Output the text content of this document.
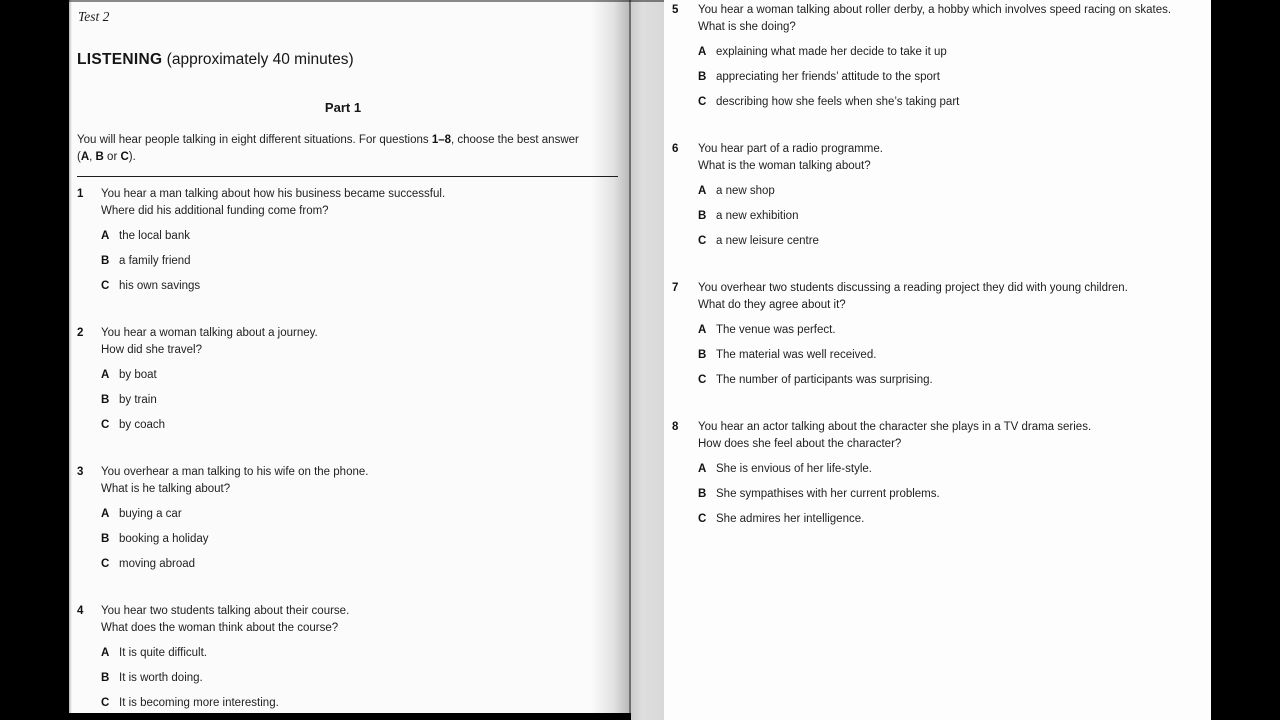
Test 2
LISTENING (approximately 40 minutes)
Part 1
You will hear people talking in eight different situations. For questions 1–8, choose the best answer
(A, B or C).
1	You hear a man talking about how his business became successful.
Where did his additional funding come from?
A the local bank
B a family friend
C his own savings
2	You hear a woman talking about a journey.
How did she travel?
A by boat
B by train
C by coach
3	You overhear a man talking to his wife on the phone.
What is he talking about?
A buying a car
B booking a holiday
C moving abroad
4	You hear two students talking about their course.
What does the woman think about the course?
A It is quite difficult.
B It is worth doing.
C It is becoming more interesting.
5	You hear a woman talking about roller derby, a hobby which involves speed racing on skates.
What is she doing?
A explaining what made her decide to take it up
B appreciating her friends’ attitude to the sport
C describing how she feels when she’s taking part
6	You hear part of a radio programme.
What is the woman talking about?
A a new shop
B a new exhibition
C a new leisure centre
7	You overhear two students discussing a reading project they did with young children.
What do they agree about it?
A The venue was perfect.
B The material was well received.
C The number of participants was surprising.
8	You hear an actor talking about the character she plays in a TV drama series.
How does she feel about the character?
A She is envious of her life-style.
B She sympathises with her current problems.
C She admires her intelligence.
